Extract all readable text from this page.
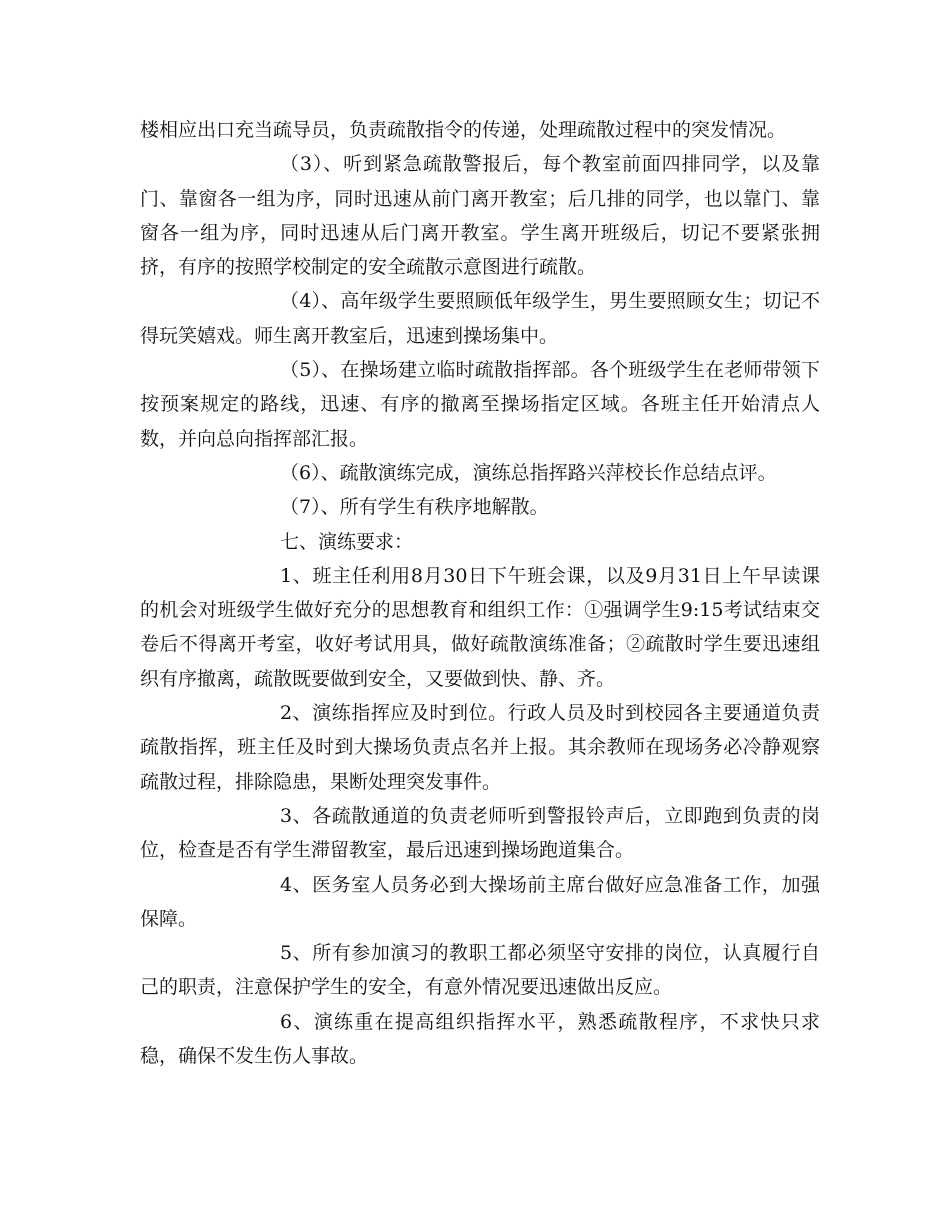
楼相应出口充当疏导员，负责疏散指令的传递，处理疏散过程中的突发情况。

（3）、听到紧急疏散警报后，每个教室前面四排同学，以及靠门、靠窗各一组为序，同时迅速从前门离开教室；后几排的同学，也以靠门、靠窗各一组为序，同时迅速从后门离开教室。学生离开班级后，切记不要紧张拥挤，有序的按照学校制定的安全疏散示意图进行疏散。

（4）、高年级学生要照顾低年级学生，男生要照顾女生；切记不得玩笑嬉戏。师生离开教室后，迅速到操场集中。

（5）、在操场建立临时疏散指挥部。各个班级学生在老师带领下按预案规定的路线，迅速、有序的撤离至操场指定区域。各班主任开始清点人数，并向总向指挥部汇报。

（6）、疏散演练完成，演练总指挥路兴萍校长作总结点评。

（7）、所有学生有秩序地解散。

七、演练要求：

1、班主任利用8月30日下午班会课，以及9月31日上午早读课的机会对班级学生做好充分的思想教育和组织工作：①强调学生9:15考试结束交卷后不得离开考室，收好考试用具，做好疏散演练准备；②疏散时学生要迅速组织有序撤离，疏散既要做到安全，又要做到快、静、齐。

2、演练指挥应及时到位。行政人员及时到校园各主要通道负责疏散指挥，班主任及时到大操场负责点名并上报。其余教师在现场务必冷静观察疏散过程，排除隐患，果断处理突发事件。

3、各疏散通道的负责老师听到警报铃声后，立即跑到负责的岗位，检查是否有学生滞留教室，最后迅速到操场跑道集合。

4、医务室人员务必到大操场前主席台做好应急准备工作，加强保障。

5、所有参加演习的教职工都必须坚守安排的岗位，认真履行自己的职责，注意保护学生的安全，有意外情况要迅速做出反应。

6、演练重在提高组织指挥水平，熟悉疏散程序，不求快只求稳，确保不发生伤人事故。
